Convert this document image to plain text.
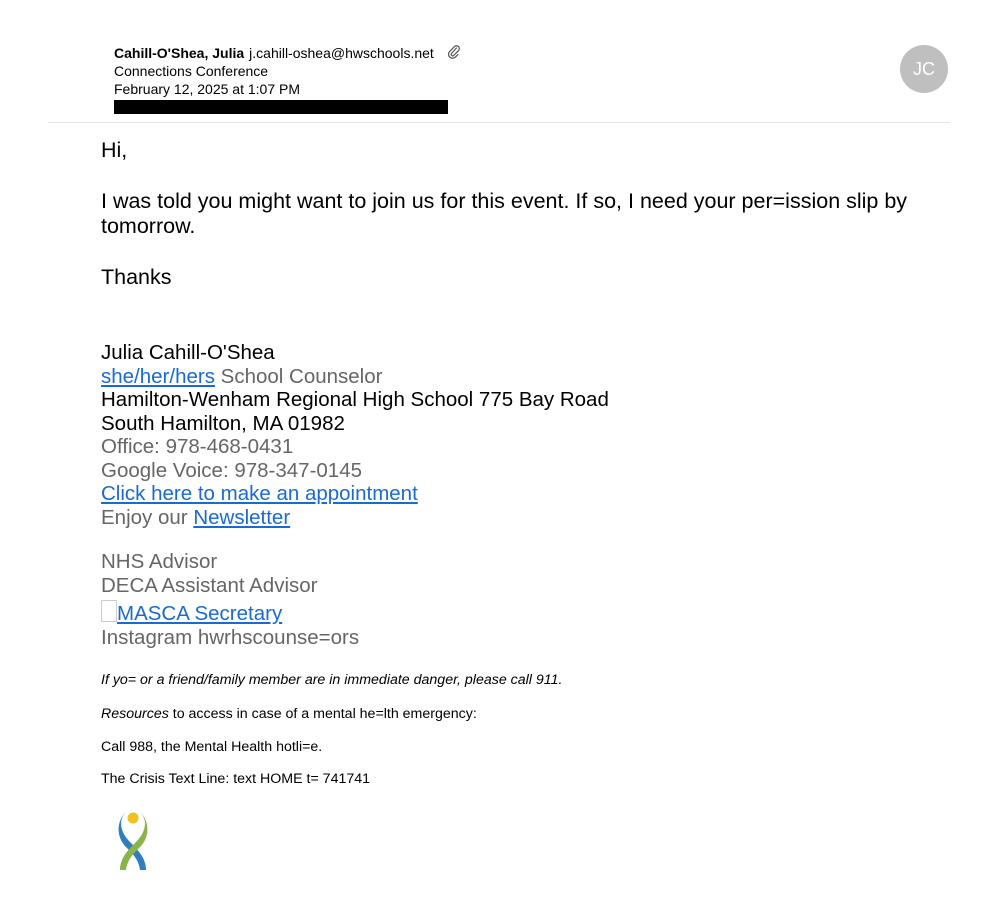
Cahill-O'Shea, Julia j.cahill-oshea@hwschools.net
Connections Conference
February 12, 2025 at 1:07 PM
JC

Hi,

I was told you might want to join us for this event. If so, I need your per=ission slip by tomorrow.

Thanks

Julia Cahill-O'Shea
she/her/hers School Counselor
Hamilton-Wenham Regional High School 775 Bay Road
South Hamilton, MA 01982
Office: 978-468-0431
Google Voice: 978-347-0145
Click here to make an appointment
Enjoy our Newsletter
NHS Advisor
DECA Assistant Advisor
MASCA Secretary
Instagram hwrhscounse=ors

If yo= or a friend/family member are in immediate danger, please call 911.

Resources to access in case of a mental he=lth emergency:

Call 988, the Mental Health hotli=e.

The Crisis Text Line: text HOME t= 741741
